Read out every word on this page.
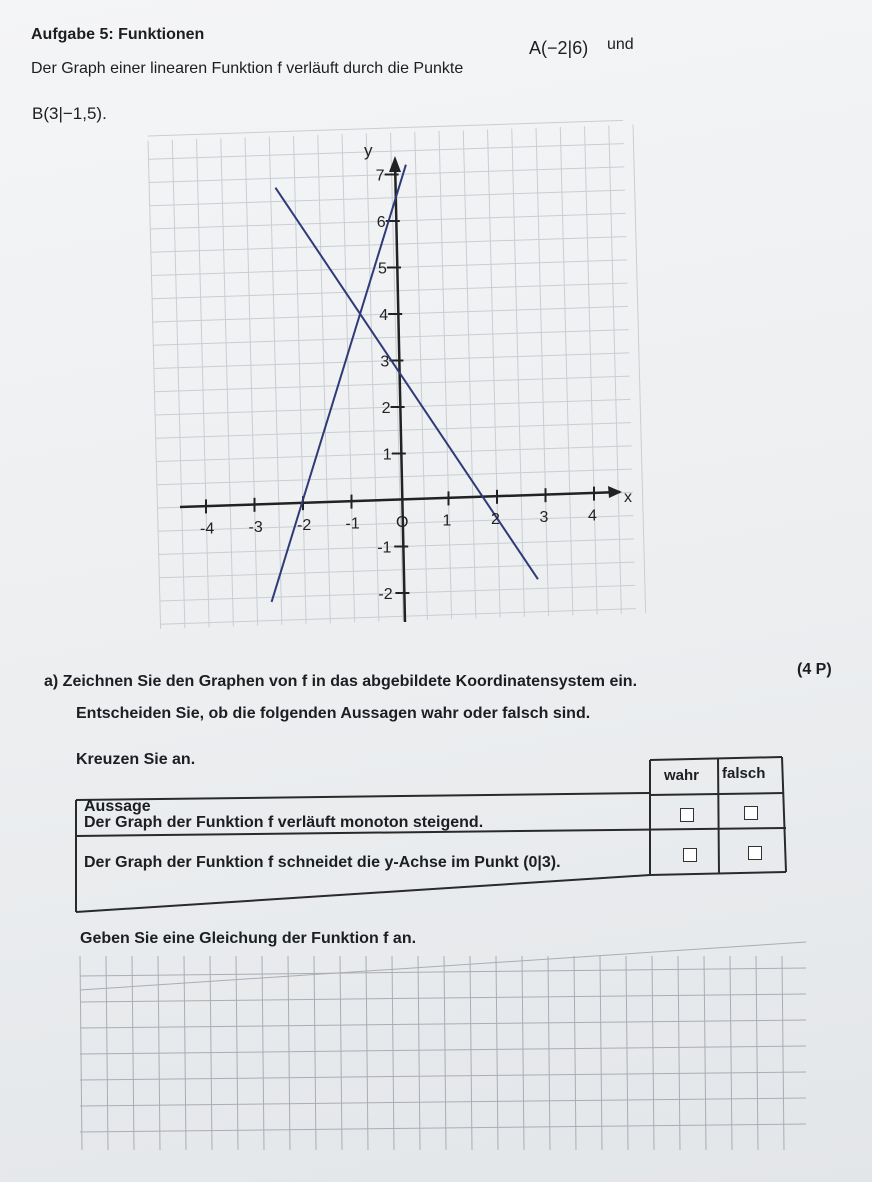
Aufgabe 5: Funktionen
A(−2|6) und
Der Graph einer linearen Funktion f verläuft durch die Punkte
B(3|−1,5).
x
y
-4 -3 -2 -1 O 1 2 3 4
7
6
5
4
3
2
1
-1
-2
a) Zeichnen Sie den Graphen von f in das abgebildete Koordinatensystem ein.
(4 P)
Entscheiden Sie, ob die folgenden Aussagen wahr oder falsch sind.
Kreuzen Sie an.
wahr falsch
Aussage
Der Graph der Funktion f verläuft monoton steigend.
Der Graph der Funktion f schneidet die y-Achse im Punkt (0|3).
Geben Sie eine Gleichung der Funktion f an.
